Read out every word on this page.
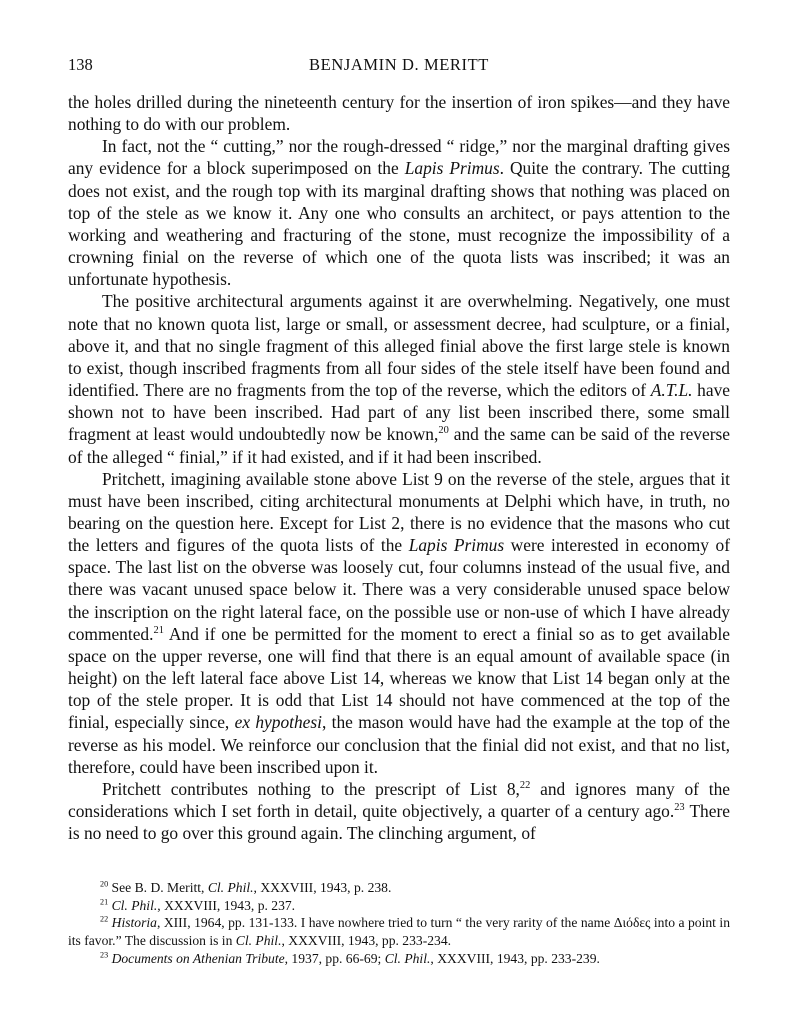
138	BENJAMIN D. MERITT

the holes drilled during the nineteenth century for the insertion of iron spikes—and they have nothing to do with our problem.

In fact, not the “ cutting,” nor the rough-dressed “ ridge,” nor the marginal drafting gives any evidence for a block superimposed on the Lapis Primus. Quite the contrary. The cutting does not exist, and the rough top with its marginal drafting shows that nothing was placed on top of the stele as we know it. Any one who consults an architect, or pays attention to the working and weathering and fracturing of the stone, must recognize the impossibility of a crowning finial on the reverse of which one of the quota lists was inscribed; it was an unfortunate hypothesis.

The positive architectural arguments against it are overwhelming. Negatively, one must note that no known quota list, large or small, or assessment decree, had sculpture, or a finial, above it, and that no single fragment of this alleged finial above the first large stele is known to exist, though inscribed fragments from all four sides of the stele itself have been found and identified. There are no fragments from the top of the reverse, which the editors of A.T.L. have shown not to have been inscribed. Had part of any list been inscribed there, some small fragment at least would undoubtedly now be known,$^{20}$ and the same can be said of the reverse of the alleged “ finial,” if it had existed, and if it had been inscribed.

Pritchett, imagining available stone above List 9 on the reverse of the stele, argues that it must have been inscribed, citing architectural monuments at Delphi which have, in truth, no bearing on the question here. Except for List 2, there is no evidence that the masons who cut the letters and figures of the quota lists of the Lapis Primus were interested in economy of space. The last list on the obverse was loosely cut, four columns instead of the usual five, and there was vacant unused space below it. There was a very considerable unused space below the inscription on the right lateral face, on the possible use or non-use of which I have already commented.$^{21}$ And if one be permitted for the moment to erect a finial so as to get available space on the upper reverse, one will find that there is an equal amount of available space (in height) on the left lateral face above List 14, whereas we know that List 14 began only at the top of the stele proper. It is odd that List 14 should not have commenced at the top of the finial, especially since, ex hypothesi, the mason would have had the example at the top of the reverse as his model. We reinforce our conclusion that the finial did not exist, and that no list, therefore, could have been inscribed upon it.

Pritchett contributes nothing to the prescript of List 8,22 and ignores many of the considerations which I set forth in detail, quite objectively, a quarter of a century ago.$^{23}$ There is no need to go over this ground again. The clinching argument, of

$^{20}$ See B. D. Meritt, Cl. Phil., XXXVIII, 1943, p. 238.

$^{21}$ Cl. Phil., XXXVIII, 1943, p. 237.

$^{22}$ Historia, XIII, 1964, pp. 131-133. I have nowhere tried to turn “ the very rarity of the name Διόδες into a point in its favor.” The discussion is in Cl. Phil., XXXVIII, 1943, pp. 233-234.

$^{23}$ Documents on Athenian Tribute, 1937, pp. 66-69; Cl. Phil., XXXVIII, 1943, pp. 233-239.
